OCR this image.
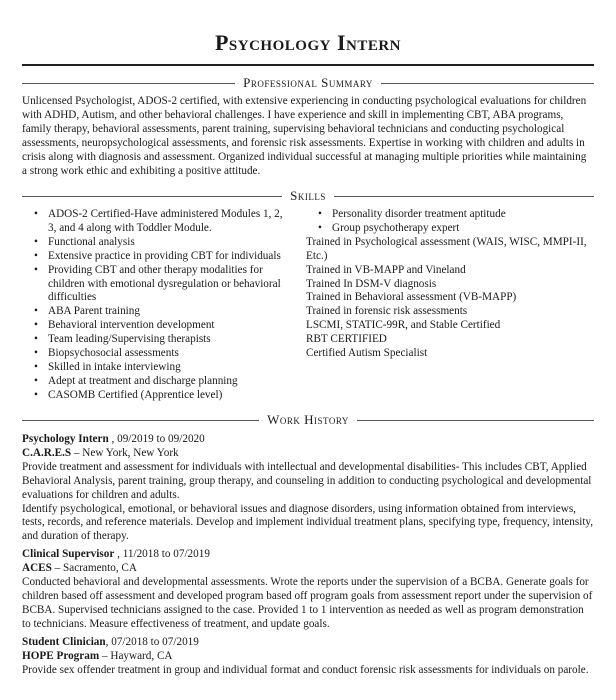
Psychology Intern
Professional Summary

Unlicensed Psychologist, ADOS-2 certified, with extensive experiencing in conducting psychological evaluations for children with ADHD, Autism, and other behavioral challenges. I have experience and skill in implementing CBT, ABA programs, family therapy, behavioral assessments, parent training, supervising behavioral technicians and conducting psychological assessments, neuropsychological assessments, and forensic risk assessments. Expertise in working with children and adults in crisis along with diagnosis and assessment. Organized individual successful at managing multiple priorities while maintaining a strong work ethic and exhibiting a positive attitude.

Skills
• ADOS-2 Certified-Have administered Modules 1, 2, 3, and 4 along with Toddler Module.
• Functional analysis
• Extensive practice in providing CBT for individuals
• Providing CBT and other therapy modalities for children with emotional dysregulation or behavioral difficulties
• ABA Parent training
• Behavioral intervention development
• Team leading/Supervising therapists
• Biopsychosocial assessments
• Skilled in intake interviewing
• Adept at treatment and discharge planning
• CASOMB Certified (Apprentice level)
• Personality disorder treatment aptitude
• Group psychotherapy expert

Trained in Psychological assessment (WAIS, WISC, MMPI-II, Etc.)

Trained in VB-MAPP and Vineland

Trained In DSM-V diagnosis

Trained in Behavioral assessment (VB-MAPP)

Trained in forensic risk assessments

LSCMI, STATIC-99R, and Stable Certified

RBT CERTIFIED

Certified Autism Specialist

Work History
Psychology Intern , 09/2019 to 09/2020
C.A.R.E.S – New York, New York

Provide treatment and assessment for individuals with intellectual and developmental disabilities- This includes CBT, Applied Behavioral Analysis, parent training, group therapy, and counseling in addition to conducting psychological and developmental evaluations for children and adults.

Identify psychological, emotional, or behavioral issues and diagnose disorders, using information obtained from interviews, tests, records, and reference materials. Develop and implement individual treatment plans, specifying type, frequency, intensity, and duration of therapy.

Clinical Supervisor , 11/2018 to 07/2019
ACES – Sacramento, CA

Conducted behavioral and developmental assessments. Wrote the reports under the supervision of a BCBA. Generate goals for children based off assessment and developed program based off program goals from assessment report under the supervision of BCBA. Supervised technicians assigned to the case. Provided 1 to 1 intervention as needed as well as program demonstration to technicians. Measure effectiveness of treatment, and update goals.

Student Clinician, 07/2018 to 07/2019
HOPE Program – Hayward, CA

Provide sex offender treatment in group and individual format and conduct forensic risk assessments for individuals on parole.
